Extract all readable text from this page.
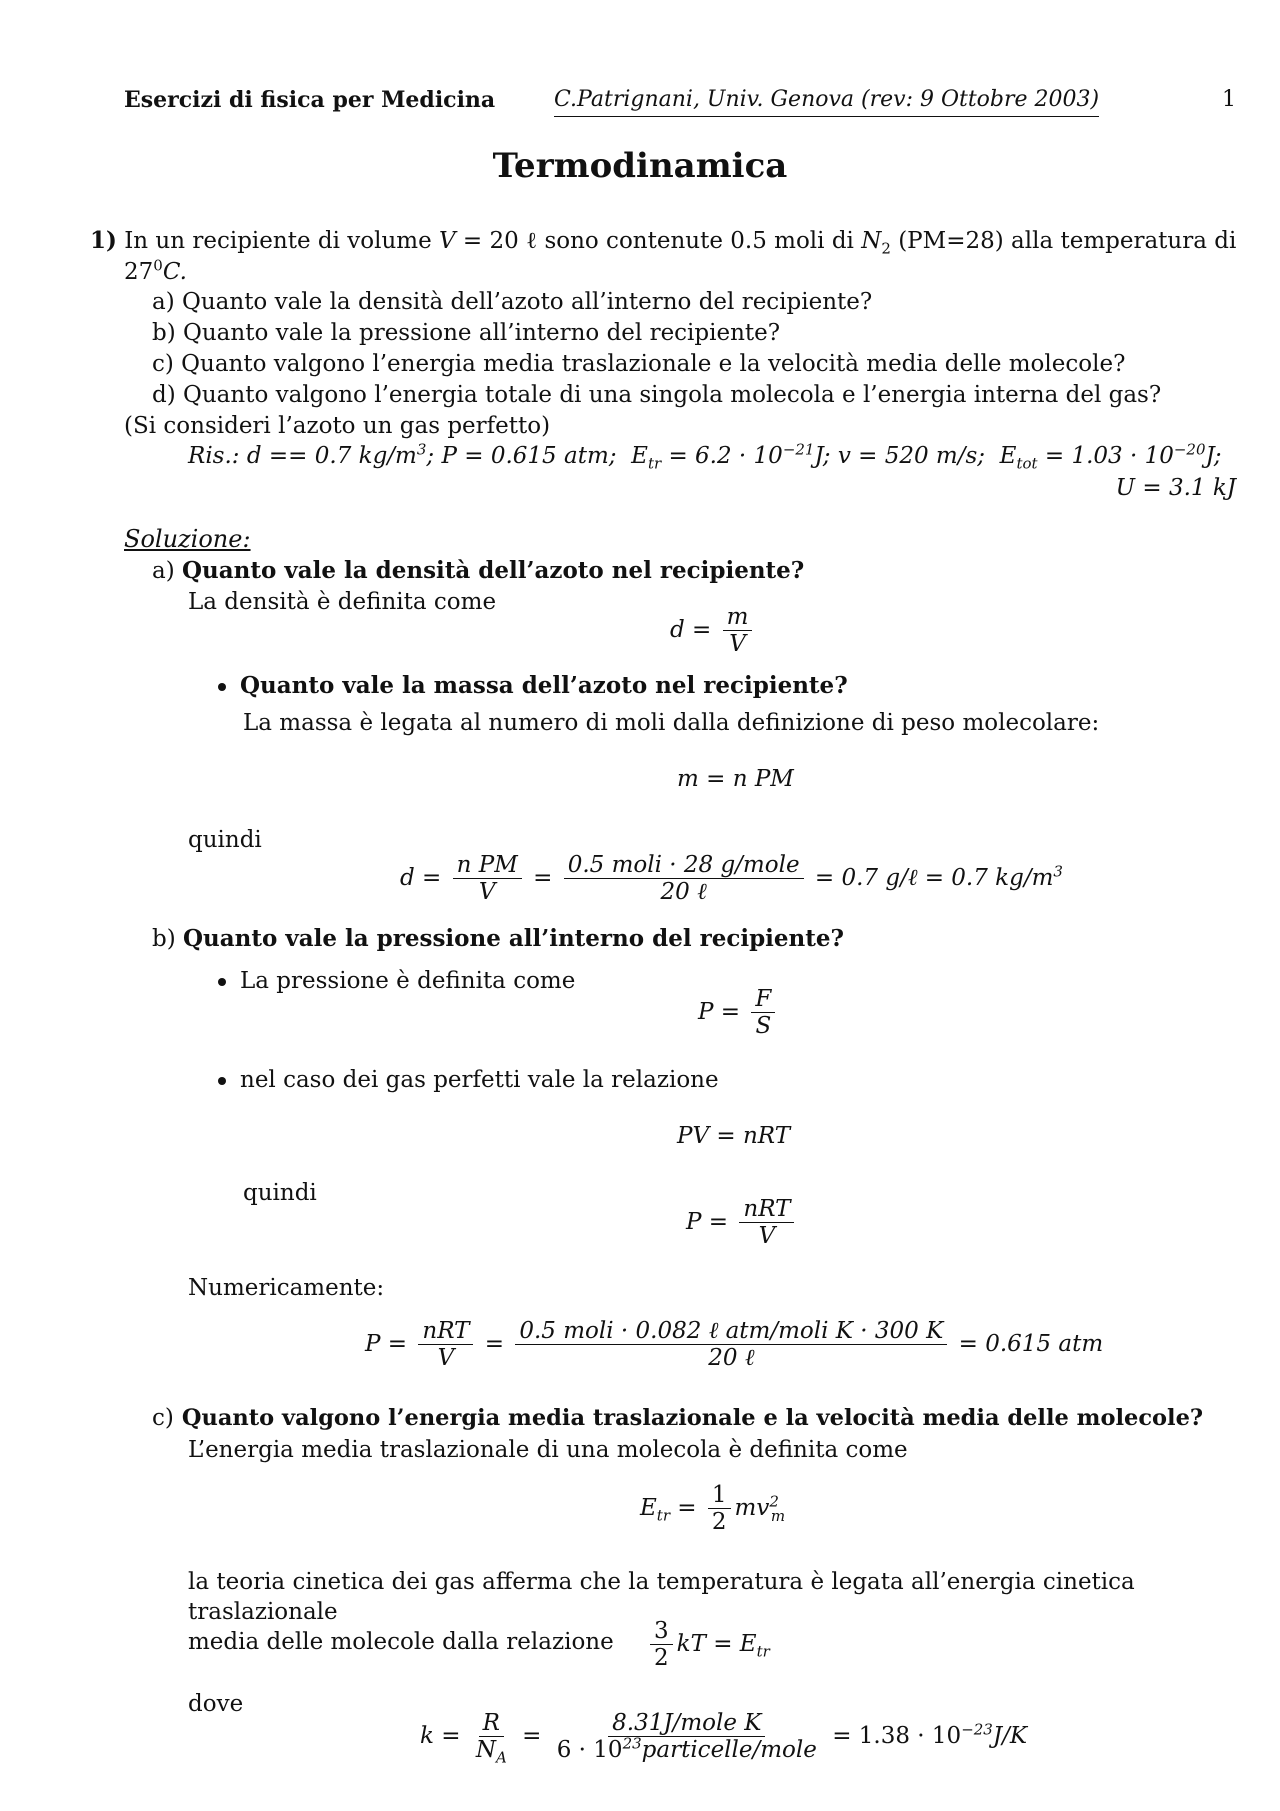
Esercizi di fisica per Medicina	C.Patrignani, Univ. Genova (rev: 9 Ottobre 2003)	1
Termodinamica
1) In un recipiente di volume V = 20 ℓ sono contenute 0.5 moli di $N_2$ (PM=28) alla temperatura di
$27^0C$.
a) Quanto vale la densità dell’azoto all’interno del recipiente?
b) Quanto vale la pressione all’interno del recipiente?
c) Quanto valgono l’energia media traslazionale e la velocità media delle molecole?
d) Quanto valgono l’energia totale di una singola molecola e l’energia interna del gas?
(Si consideri l’azoto un gas perfetto)
Ris.: d == 0.7 $kg/m^3$; P = 0.615 atm; $E_{tr} = 6.2 \cdot 10^{-21}J$; v = 520 m/s; $E_{tot} = 1.03 \cdot 10^{-20}J$;
U = 3.1 kJ
Soluzione:
a) Quanto vale la densità dell’azoto nel recipiente?
La densità è definita come
$d = \frac{m}{V}$
Quanto vale la massa dell’azoto nel recipiente?
La massa è legata al numero di moli dalla definizione di peso molecolare:
m = n PM
quindi
$d = \frac{\text{n PM}}{V} = \frac{\text{0.5 moli · 28 g/mole}}{\text{20 ℓ}} = 0.7$ g/ℓ = 0.7 $kg/m^3$
b) Quanto vale la pressione all’interno del recipiente?
La pressione è definita come
$P = \frac{F}{S}$
nel caso dei gas perfetti vale la relazione
PV = nRT
quindi
$P = \frac{\text{nRT}}{V}$
Numericamente:
$P = \frac{\text{nRT}}{V} = \frac{\text{0.5 moli · 0.082 ℓ atm/moli K · 300 K}}{\text{20 ℓ}} = 0.615$ atm
c) Quanto valgono l’energia media traslazionale e la velocità media delle molecole?
L’energia media traslazionale di una molecola è definita come
$E_{tr} = \frac{1}{2} mv^2_m$
la teoria cinetica dei gas afferma che la temperatura è legata all’energia cinetica traslazionale
media delle molecole dalla relazione	$\frac{3}{2}$ kT = $E_{tr}$
dove
$k = \frac{R}{N_A} = \frac{\text{8.31J/mole K}}{6 \cdot 10^{23}particelle/mole} = 1.38 \cdot 10^{-23}J/K$
